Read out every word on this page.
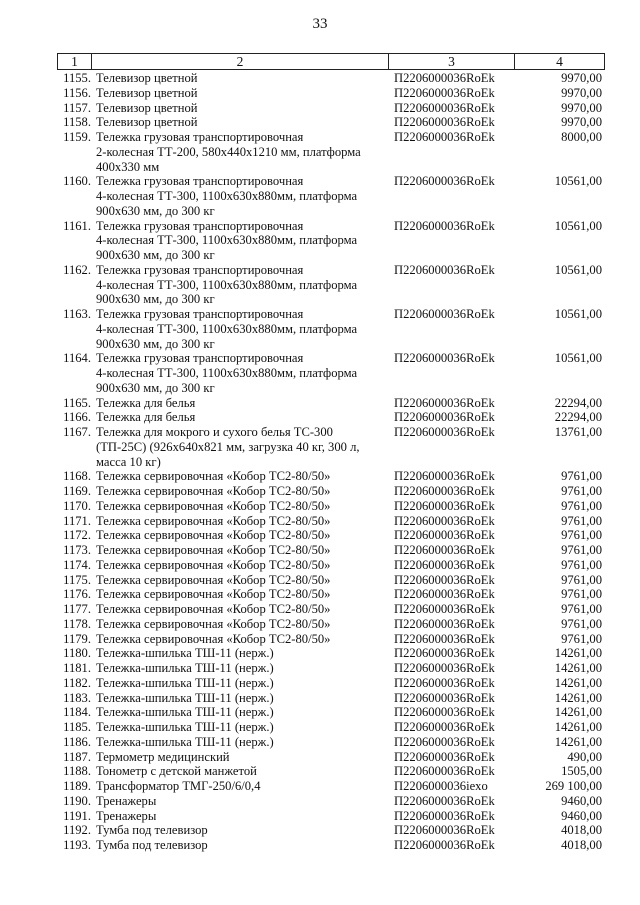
33
1	2	3	4
1155. Телевизор цветной	П2206000036RoEk	9970,00
1156. Телевизор цветной	П2206000036RoEk	9970,00
1157. Телевизор цветной	П2206000036RoEk	9970,00
1158. Телевизор цветной	П2206000036RoEk	9970,00
1159. Тележка грузовая транспортировочная
2-колесная ТТ-200, 580х440х1210 мм, платформа
400х330 мм
П2206000036RoEk	8000,00
1160. Тележка грузовая транспортировочная
4-колесная ТТ-300, 1100х630х880мм, платформа
900х630 мм, до 300 кг
П2206000036RoEk	10561,00
1161. Тележка грузовая транспортировочная
4-колесная ТТ-300, 1100х630х880мм, платформа
900х630 мм, до 300 кг
П2206000036RoEk	10561,00
1162. Тележка грузовая транспортировочная
4-колесная ТТ-300, 1100х630х880мм, платформа
900х630 мм, до 300 кг
П2206000036RoEk	10561,00
1163. Тележка грузовая транспортировочная
4-колесная ТТ-300, 1100х630х880мм, платформа
900х630 мм, до 300 кг
П2206000036RoEk	10561,00
1164. Тележка грузовая транспортировочная
4-колесная ТТ-300, 1100х630х880мм, платформа
900х630 мм, до 300 кг
П2206000036RoEk	10561,00
1165. Тележка для белья	П2206000036RoEk	22294,00
1166. Тележка для белья	П2206000036RoEk	22294,00
1167. Тележка для мокрого и сухого белья ТС-300
(ТП-25С) (926х640х821 мм, загрузка 40 кг, 300 л,
масса 10 кг)
П2206000036RoEk	13761,00
1168. Тележка сервировочная «Кобор ТС2-80/50»	П2206000036RoEk	9761,00
1169. Тележка сервировочная «Кобор ТС2-80/50»	П2206000036RoEk	9761,00
1170. Тележка сервировочная «Кобор ТС2-80/50»	П2206000036RoEk	9761,00
1171. Тележка сервировочная «Кобор ТС2-80/50»	П2206000036RoEk	9761,00
1172. Тележка сервировочная «Кобор ТС2-80/50»	П2206000036RoEk	9761,00
1173. Тележка сервировочная «Кобор ТС2-80/50»	П2206000036RoEk	9761,00
1174. Тележка сервировочная «Кобор ТС2-80/50»	П2206000036RoEk	9761,00
1175. Тележка сервировочная «Кобор ТС2-80/50»	П2206000036RoEk	9761,00
1176. Тележка сервировочная «Кобор ТС2-80/50»	П2206000036RoEk	9761,00
1177. Тележка сервировочная «Кобор ТС2-80/50»	П2206000036RoEk	9761,00
1178. Тележка сервировочная «Кобор ТС2-80/50»	П2206000036RoEk	9761,00
1179. Тележка сервировочная «Кобор ТС2-80/50»	П2206000036RoEk	9761,00
1180. Тележка-шпилька ТШ-11 (нерж.)	П2206000036RoEk	14261,00
1181. Тележка-шпилька ТШ-11 (нерж.)	П2206000036RoEk	14261,00
1182. Тележка-шпилька ТШ-11 (нерж.)	П2206000036RoEk	14261,00
1183. Тележка-шпилька ТШ-11 (нерж.)	П2206000036RoEk	14261,00
1184. Тележка-шпилька ТШ-11 (нерж.)	П2206000036RoEk	14261,00
1185. Тележка-шпилька ТШ-11 (нерж.)	П2206000036RoEk	14261,00
1186. Тележка-шпилька ТШ-11 (нерж.)	П2206000036RoEk	14261,00
1187. Термометр медицинский	П2206000036RoEk	490,00
1188. Тонометр с детской манжетой	П2206000036RoEk	1505,00
1189. Трансформатор ТМГ-250/6/0,4	П2206000036iexo	269 100,00
1190. Тренажеры	П2206000036RoEk	9460,00
1191. Тренажеры	П2206000036RoEk	9460,00
1192. Тумба под телевизор	П2206000036RoEk	4018,00
1193. Тумба под телевизор	П2206000036RoEk	4018,00
